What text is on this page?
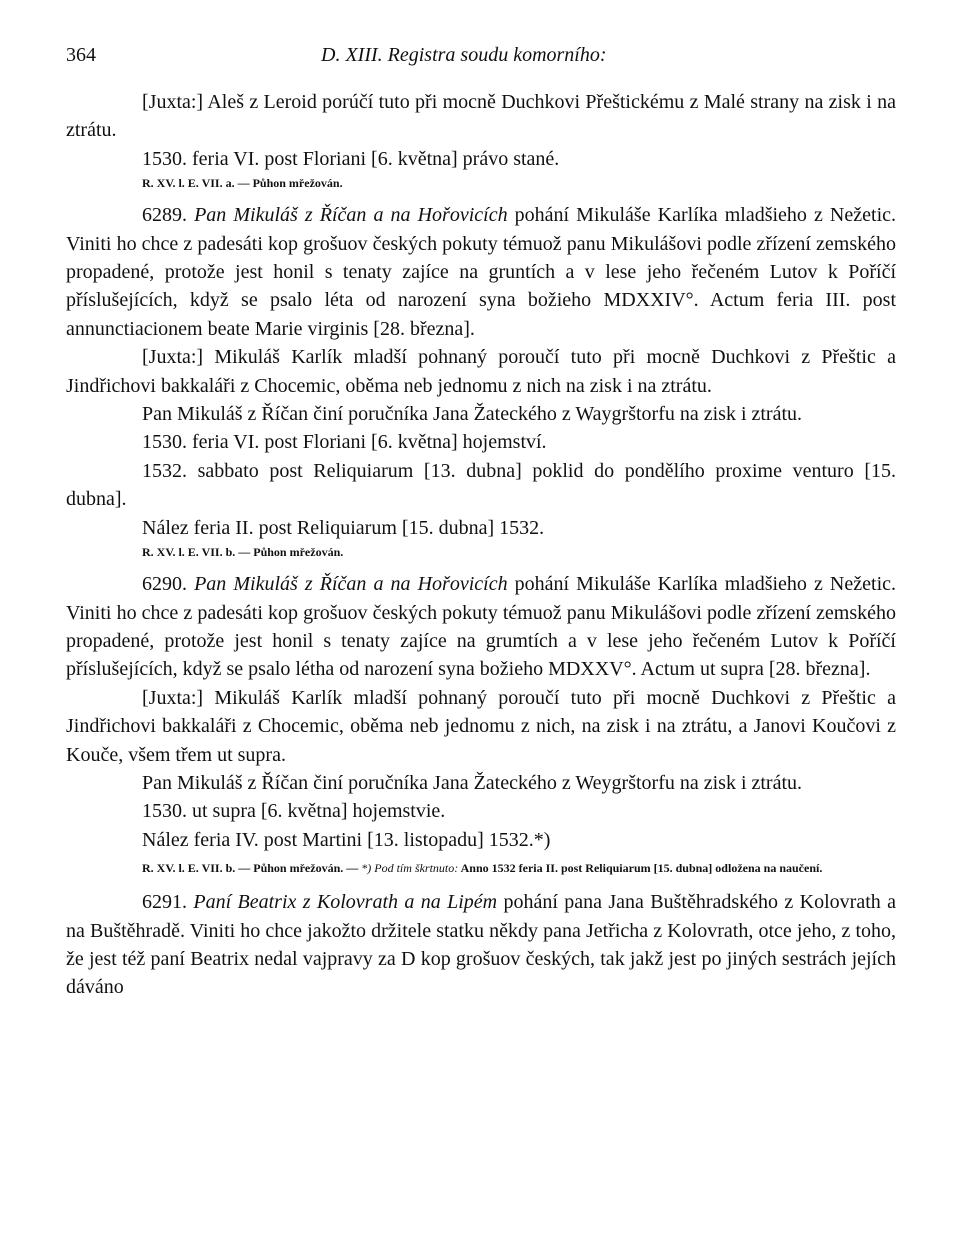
364	D. XIII. Registra soudu komorního:

[Juxta:] Aleš z Leroid porúčí tuto při mocně Duchkovi Přeštickému z Malé strany na zisk i na ztrátu.

1530. feria VI. post Floriani [6. května] právo stané.

R. XV. l. E. VII. a. — Půhon mřežován.

6289. Pan Mikuláš z Říčan a na Hořovicích pohání Mikuláše Karlíka mladšieho z Nežetic. Viniti ho chce z padesáti kop grošuov českých pokuty témuož panu Mikulášovi podle zřízení zemského propadené, protože jest honil s tenaty zajíce na gruntích a v lese jeho řečeném Lutov k Poříčí příslušejících, když se psalo léta od narození syna božieho MDXXIV°. Actum feria III. post annunctiacionem beate Marie virginis [28. března].

[Juxta:] Mikuláš Karlík mladší pohnaný poroučí tuto při mocně Duchkovi z Přeštic a Jindřichovi bakkaláři z Chocemic, oběma neb jednomu z nich na zisk i na ztrátu.

Pan Mikuláš z Říčan činí poručníka Jana Žateckého z Waygrštorfu na zisk i ztrátu.

1530. feria VI. post Floriani [6. května] hojemství.

1532. sabbato post Reliquiarum [13. dubna] poklid do pondělího proxime venturo [15. dubna].

Nález feria II. post Reliquiarum [15. dubna] 1532.

R. XV. l. E. VII. b. — Půhon mřežován.

6290. Pan Mikuláš z Říčan a na Hořovicích pohání Mikuláše Karlíka mladšieho z Nežetic. Viniti ho chce z padesáti kop grošuov českých pokuty témuož panu Mikulášovi podle zřízení zemského propadené, protože jest honil s tenaty zajíce na grumtích a v lese jeho řečeném Lutov k Poříčí příslušejících, když se psalo létha od narození syna božieho MDXXV°. Actum ut supra [28. března].

[Juxta:] Mikuláš Karlík mladší pohnaný poroučí tuto při mocně Duchkovi z Přeštic a Jindřichovi bakkaláři z Chocemic, oběma neb jednomu z nich, na zisk i na ztrátu, a Janovi Koučovi z Kouče, všem třem ut supra.

Pan Mikuláš z Říčan činí poručníka Jana Žateckého z Weygrštorfu na zisk i ztrátu.

1530. ut supra [6. května] hojemstvie.

Nález feria IV. post Martini [13. listopadu] 1532.*)

R. XV. l. E. VII. b. — Půhon mřežován. — *) Pod tím škrtnuto: Anno 1532 feria II. post Reliquiarum [15. dubna] odložena na naučení.

6291. Paní Beatrix z Kolovrath a na Lipém pohání pana Jana Buštěhradského z Kolovrath a na Buštěhradě. Viniti ho chce jakožto držitele statku někdy pana Jetřicha z Kolovrath, otce jeho, z toho, že jest též paní Beatrix nedal vajpravy za D kop grošuov českých, tak jakž jest po jiných sestrách jejích dáváno
